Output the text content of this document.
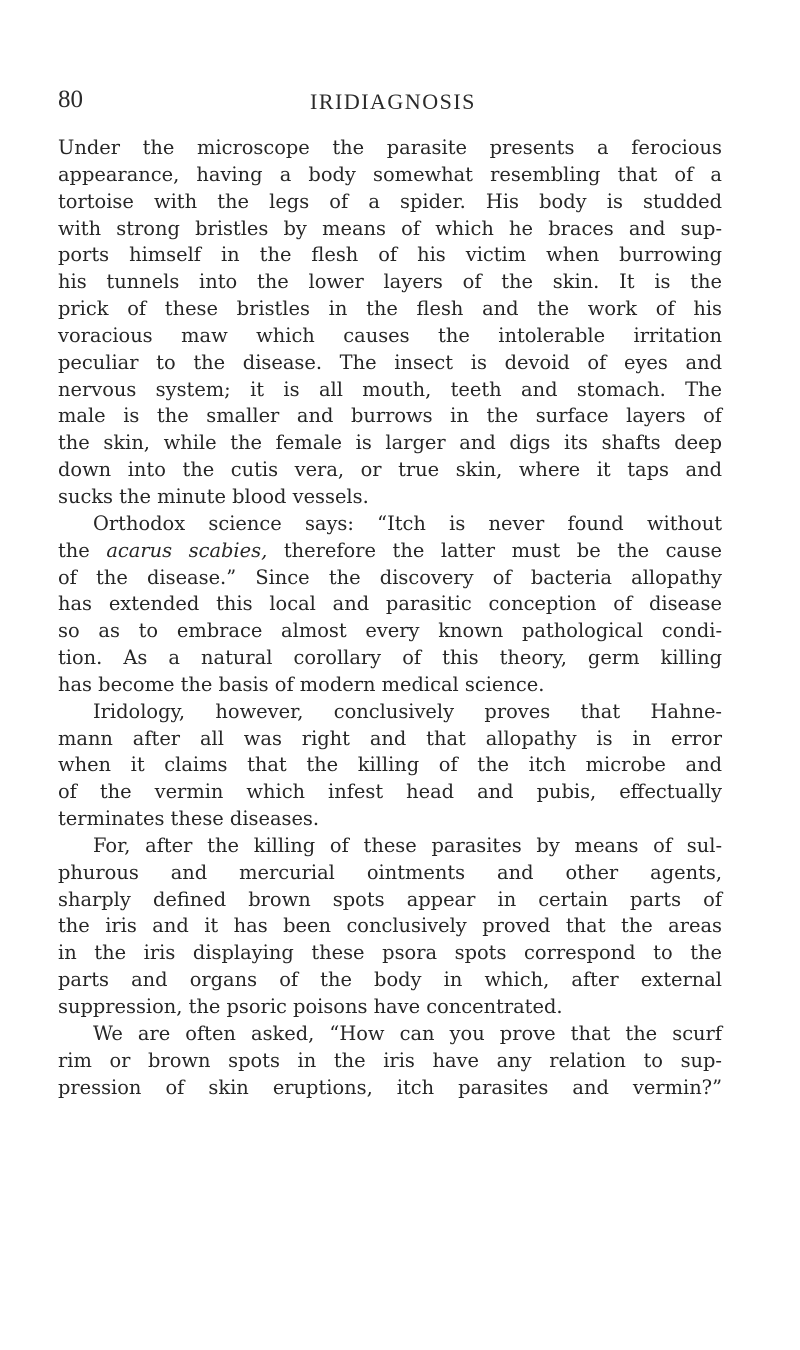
80	IRIDIAGNOSIS
Under the microscope the parasite presents a ferocious
appearance, having a body somewhat resembling that of a
tortoise with the legs of a spider. His body is studded
with strong bristles by means of which he braces and sup-
ports himself in the flesh of his victim when burrowing
his tunnels into the lower layers of the skin. It is the
prick of these bristles in the flesh and the work of his
voracious maw which causes the intolerable irritation
peculiar to the disease. The insect is devoid of eyes and
nervous system; it is all mouth, teeth and stomach. The
male is the smaller and burrows in the surface layers of
the skin, while the female is larger and digs its shafts deep
down into the cutis vera, or true skin, where it taps and
sucks the minute blood vessels.
Orthodox science says: “Itch is never found without
the acarus scabies, therefore the latter must be the cause
of the disease.” Since the discovery of bacteria allopathy
has extended this local and parasitic conception of disease
so as to embrace almost every known pathological condi-
tion. As a natural corollary of this theory, germ killing
has become the basis of modern medical science.
Iridology, however, conclusively proves that Hahne-
mann after all was right and that allopathy is in error
when it claims that the killing of the itch microbe and
of the vermin which infest head and pubis, effectually
terminates these diseases.
For, after the killing of these parasites by means of sul-
phurous and mercurial ointments and other agents,
sharply defined brown spots appear in certain parts of
the iris and it has been conclusively proved that the areas
in the iris displaying these psora spots correspond to the
parts and organs of the body in which, after external
suppression, the psoric poisons have concentrated.
We are often asked, “How can you prove that the scurf
rim or brown spots in the iris have any relation to sup-
pression of skin eruptions, itch parasites and vermin?”
